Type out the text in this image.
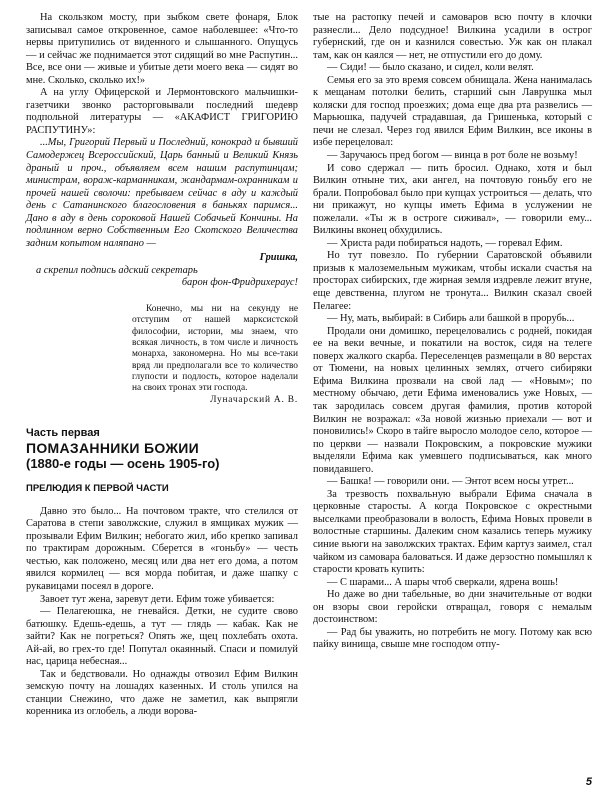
На скользком мосту, при зыбком свете фонаря, Блок записывал самое откровенное, самое наболевшее: «Что-то нервы притупились от виденного и слышанного. Опущусь — и сейчас же поднимается этот сидящий во мне Распутин... Все, все они — живые и убитые дети моего века — сидят во мне. Сколько, сколько их!»

А на углу Офицерской и Лермонтовского мальчишки-газетчики звонко расторговывали последний шедевр подпольной литературы — «АКАФИСТ ГРИГОРИЮ РАСПУТИНУ»:

...Мы, Григорий Первый и Последний, конокрад и бывший Самодержец Всероссийский, Царь банный и Великий Князь драный и проч., объявляем всем нашим распутинцам; министрам, вораж-карманникам, жандармам-охранникам и прочей нашей сволочи: пребываем сейчас в аду и каждый день с Сатанинского благословения в банькях паримся... Дано в аду в день сороковой Нашей Собачьей Кончины. На подлинном верно Собственным Его Скотского Величества задним копытом наляпано —

Гришка,

а скрепил подпись адский секретарь

барон фон-Фридрихераус!

Конечно, мы ни на секунду не отступим от нашей марксистской философии, истории, мы знаем, что всякая личность, в том числе и личность монарха, закономерна. Но мы все-таки вряд ли предполагали все то количество глупости и подлость, которое наделали на своих тронах эти господа.

Луначарский А. В.
Часть первая
ПОМАЗАННИКИ БОЖИИ
(1880-е годы — осень 1905-го)
ПРЕЛЮДИЯ К ПЕРВОЙ ЧАСТИ

Давно это было... На почтовом тракте, что стелился от Саратова в степи заволжские, служил в ямщиках мужик — прозывали Ефим Вилкин; небогато жил, ибо крепко запивал по трактирам дорожным. Сберется в «гоньбу» — честь честью, как положено, месяц или два нет его дома, а потом явился кормилец — вся морда побитая, и даже шапку с рукавицами посеял в дороге.

Завоет тут жена, заревут дети. Ефим тоже убивается:

— Пелагеюшка, не гневайся. Детки, не судите свово батюшку. Едешь-едешь, а тут — глядь — кабак. Как не зайти? Как не погреться? Опять же, щец похлебать охота. Ай-ай, во грех-то где! Попутал окаянный. Спаси и помилуй нас, царица небесная...

Так и бедствовали. Но однажды отвозил Ефим Вилкин земскую почту на лошадях казенных. И столь упился на станции Снежино, что даже не заметил, как выпрягли коренника из оглобель, а люди ворова-

тые на растопку печей и самоваров всю почту в клочки разнесли... Дело подсудное! Вилкина усадили в острог губернский, где он и казнился совестью. Уж как он плакал там, как он каялся — нет, не отпустили его до дому.

— Сиди! — было сказано, и сидел, коли велят.

Семья его за это время совсем обнищала. Жена нанималась к мещанам потолки белить, старший сын Лаврушка мыл коляски для господ проезжих; дома еще два рта развелись — Марьюшка, падучей страдавшая, да Гришенька, который с печи не слезал. Через год явился Ефим Вилкин, все иконы в избе перецеловал:

— Заручаюсь пред богом — винца в рот боле не возьму!

И сово сдержал — пить бросил. Однако, хотя и был Вилкин отныне тих, аки ангел, на почтовую гоньбу его не брали. Попробовал было при купцах устроиться — делать, что ни прикажут, но купцы иметь Ефима в услужении не пожелали. «Ты ж в остроге сиживал», — говорили ему... Вилкины вконец обхудились.

— Христа ради побираться надоть, — горевал Ефим.

Но тут повезло. По губернии Саратовской объявили призыв к малоземельным мужикам, чтобы искали счастья на просторах сибирских, где жирная земля издревле лежит втуне, еще девственна, плугом не тронута... Вилкин сказал своей Пелагее:

— Ну, мать, выбирай: в Сибирь али башкой в прорубь...

Продали они домишко, перецеловались с родней, покидая ее на веки вечные, и покатили на восток, сидя на телеге поверх жалкого скарба. Переселенцев размещали в 80 верстах от Тюмени, на новых целинных землях, отчего сибиряки Ефима Вилкина прозвали на свой лад — «Новым»; по местному обычаю, дети Ефима именовались уже Новых, — так зародилась совсем другая фамилия, против которой Вилкин не возражал: «За новой жизнью приехали — вот и поновились!» Скоро в тайге выросло молодое село, которое — по церкви — назвали Покровским, а покровские мужики выделяли Ефима как умевшего подписываться, как много повидавшего.

— Башка! — говорили они. — Энтот всем носы утрет...

За трезвость похвальную выбрали Ефима сначала в церковные старосты. А когда Покровское с окрестными выселками преобразовали в волость, Ефима Новых провели в волостные старшины. Далеким сном казались теперь мужику синие вьюги на заволжских трактах. Ефим картуз заимел, стал чайком из самовара баловаться. И даже дерзостно помышлял к старости кровать купить:

— С шарами... А шары чтоб сверкали, ядрена вошь!

Но даже во дни табельные, во дни значительные от водки он взоры свои геройски отвращал, говоря с немалым достоинством:

— Рад бы уважить, но потребить не могу. Потому как всю пайку винища, свыше мне господом отпу-

5
